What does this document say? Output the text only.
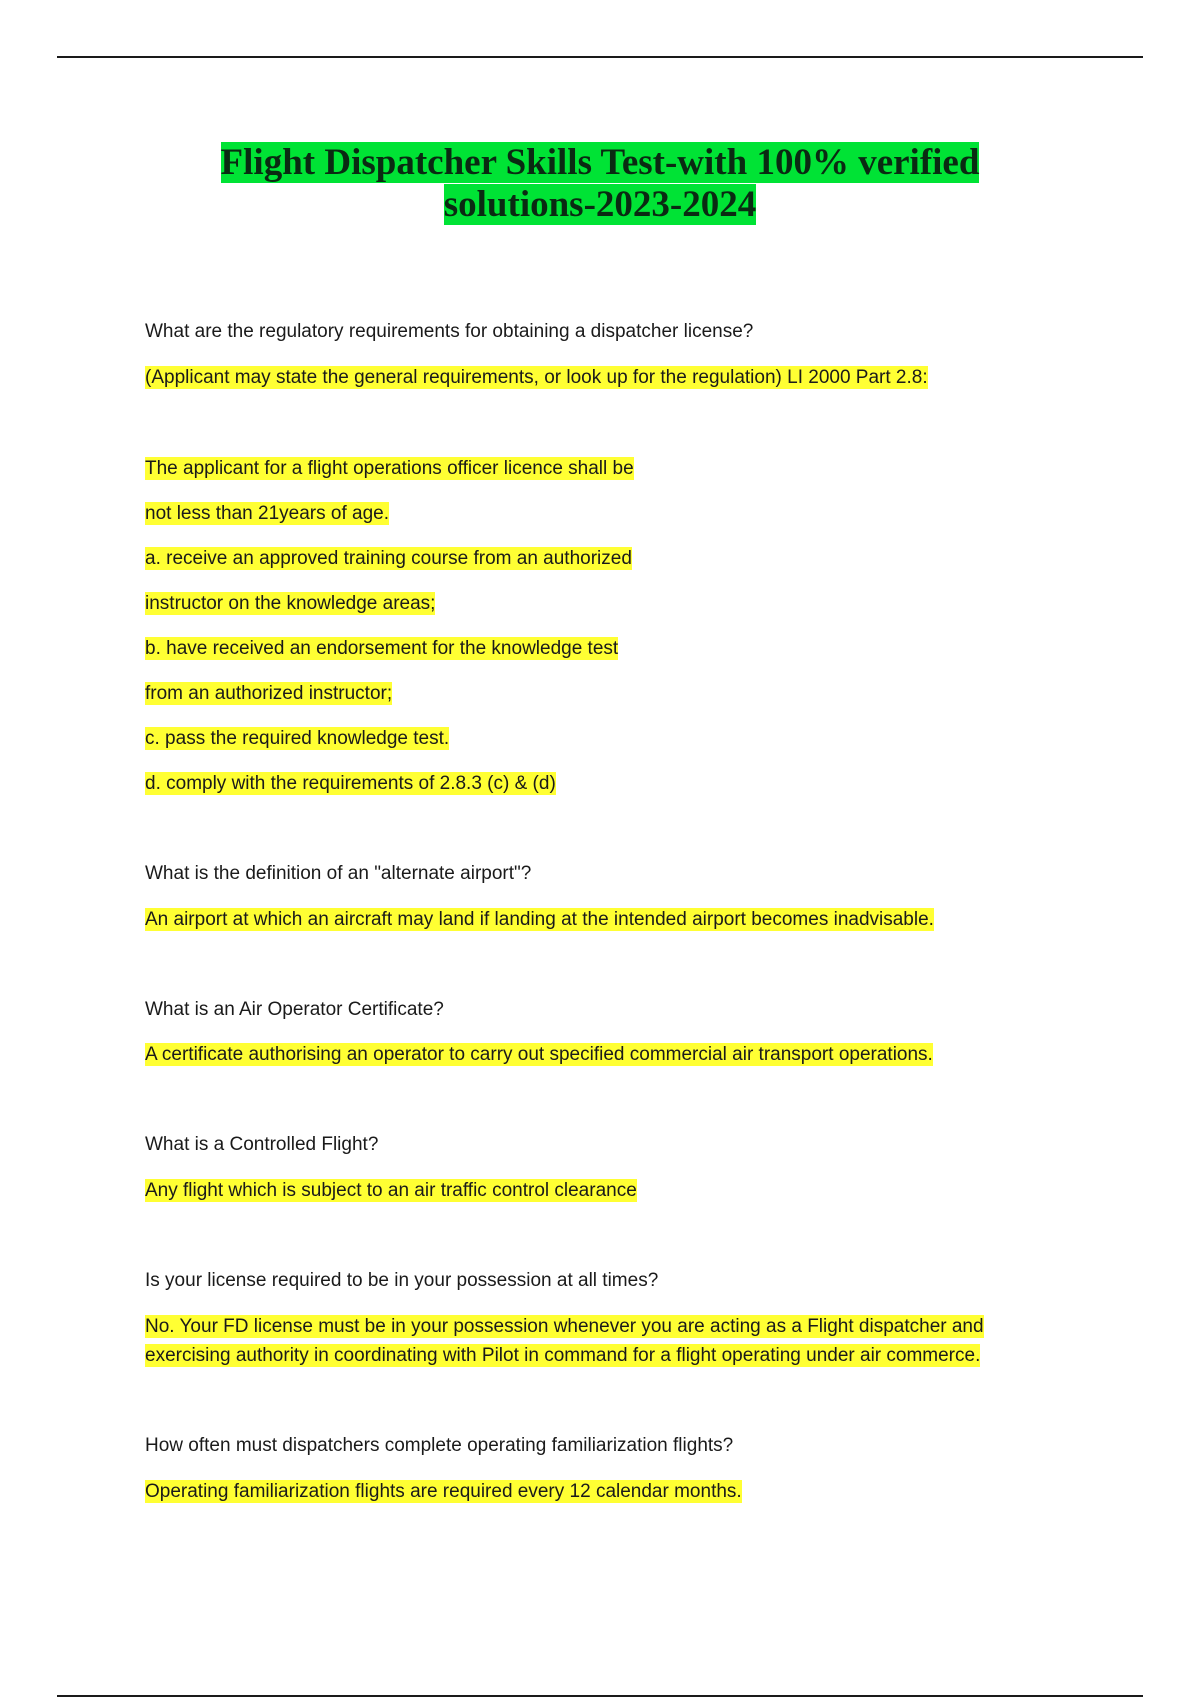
Flight Dispatcher Skills Test-with 100% verified
solutions-2023-2024

What are the regulatory requirements for obtaining a dispatcher license?

(Applicant may state the general requirements, or look up for the regulation) LI 2000 Part 2.8:

The applicant for a flight operations officer licence shall be

not less than 21years of age.

a. receive an approved training course from an authorized

instructor on the knowledge areas;

b. have received an endorsement for the knowledge test

from an authorized instructor;

c. pass the required knowledge test.

d. comply with the requirements of 2.8.3 (c) & (d)

What is the definition of an "alternate airport"?

An airport at which an aircraft may land if landing at the intended airport becomes inadvisable.

What is an Air Operator Certificate?

A certificate authorising an operator to carry out specified commercial air transport operations.

What is a Controlled Flight?

Any flight which is subject to an air traffic control clearance

Is your license required to be in your possession at all times?

No. Your FD license must be in your possession whenever you are acting as a Flight dispatcher and exercising authority in coordinating with Pilot in command for a flight operating under air commerce.

How often must dispatchers complete operating familiarization flights?

Operating familiarization flights are required every 12 calendar months.
